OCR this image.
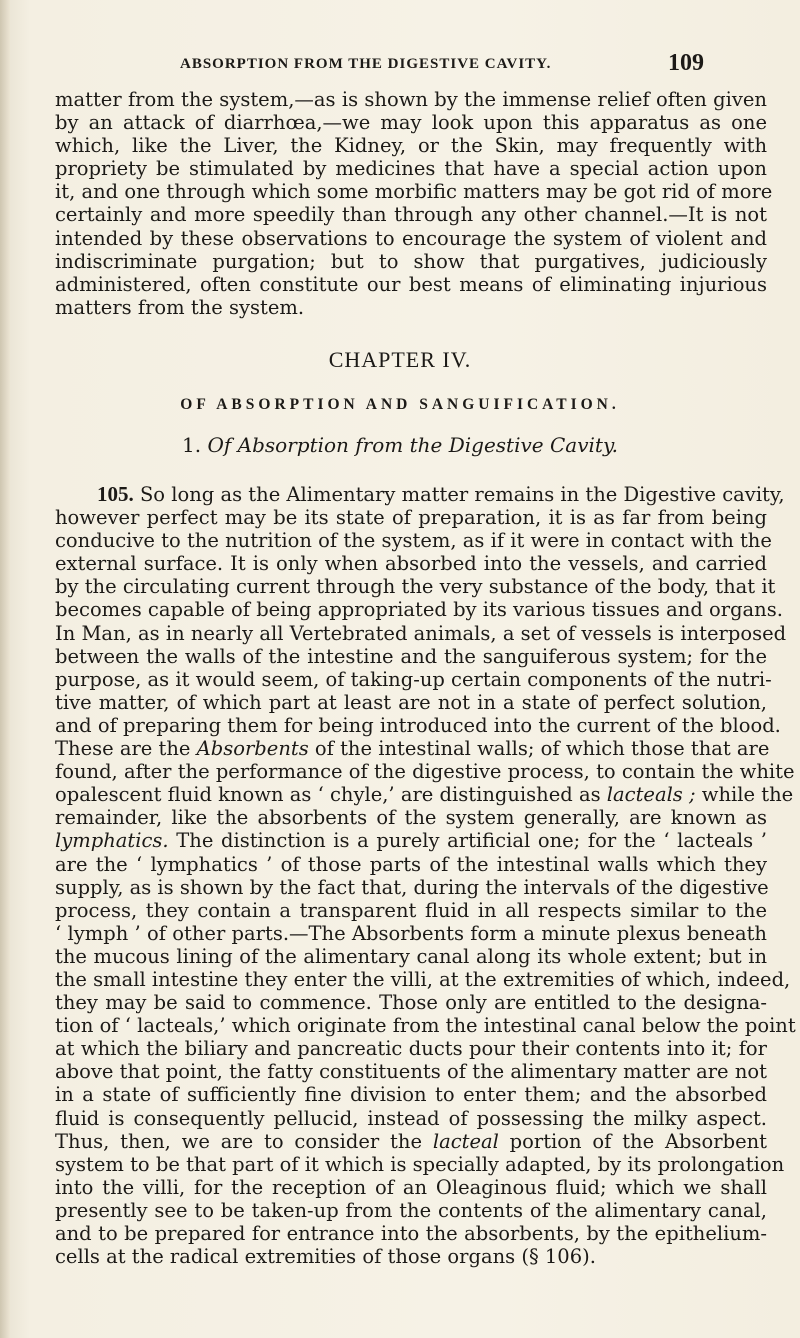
ABSORPTION FROM THE DIGESTIVE CAVITY.	109
matter from the system,—as is shown by the immense relief often given
by an attack of diarrhœa,—we may look upon this apparatus as one
which, like the Liver, the Kidney, or the Skin, may frequently with
propriety be stimulated by medicines that have a special action upon
it, and one through which some morbific matters may be got rid of more
certainly and more speedily than through any other channel.—It is not
intended by these observations to encourage the system of violent and
indiscriminate purgation; but to show that purgatives, judiciously
administered, often constitute our best means of eliminating injurious
matters from the system.
CHAPTER IV.
OF ABSORPTION AND SANGUIFICATION.
1. Of Absorption from the Digestive Cavity.
105. So long as the Alimentary matter remains in the Digestive cavity,
however perfect may be its state of preparation, it is as far from being
conducive to the nutrition of the system, as if it were in contact with the
external surface. It is only when absorbed into the vessels, and carried
by the circulating current through the very substance of the body, that it
becomes capable of being appropriated by its various tissues and organs.
In Man, as in nearly all Vertebrated animals, a set of vessels is interposed
between the walls of the intestine and the sanguiferous system; for the
purpose, as it would seem, of taking-up certain components of the nutri-
tive matter, of which part at least are not in a state of perfect solution,
and of preparing them for being introduced into the current of the blood.
These are the Absorbents of the intestinal walls; of which those that are
found, after the performance of the digestive process, to contain the white
opalescent fluid known as ‘ chyle,’ are distinguished as lacteals ; while the
remainder, like the absorbents of the system generally, are known as
lymphatics. The distinction is a purely artificial one; for the ‘ lacteals ’
are the ‘ lymphatics ’ of those parts of the intestinal walls which they
supply, as is shown by the fact that, during the intervals of the digestive
process, they contain a transparent fluid in all respects similar to the
‘ lymph ’ of other parts.—The Absorbents form a minute plexus beneath
the mucous lining of the alimentary canal along its whole extent; but in
the small intestine they enter the villi, at the extremities of which, indeed,
they may be said to commence. Those only are entitled to the designa-
tion of ‘ lacteals,’ which originate from the intestinal canal below the point
at which the biliary and pancreatic ducts pour their contents into it; for
above that point, the fatty constituents of the alimentary matter are not
in a state of sufficiently fine division to enter them; and the absorbed
fluid is consequently pellucid, instead of possessing the milky aspect.
Thus, then, we are to consider the lacteal portion of the Absorbent
system to be that part of it which is specially adapted, by its prolongation
into the villi, for the reception of an Oleaginous fluid; which we shall
presently see to be taken-up from the contents of the alimentary canal,
and to be prepared for entrance into the absorbents, by the epithelium-
cells at the radical extremities of those organs (§ 106).
